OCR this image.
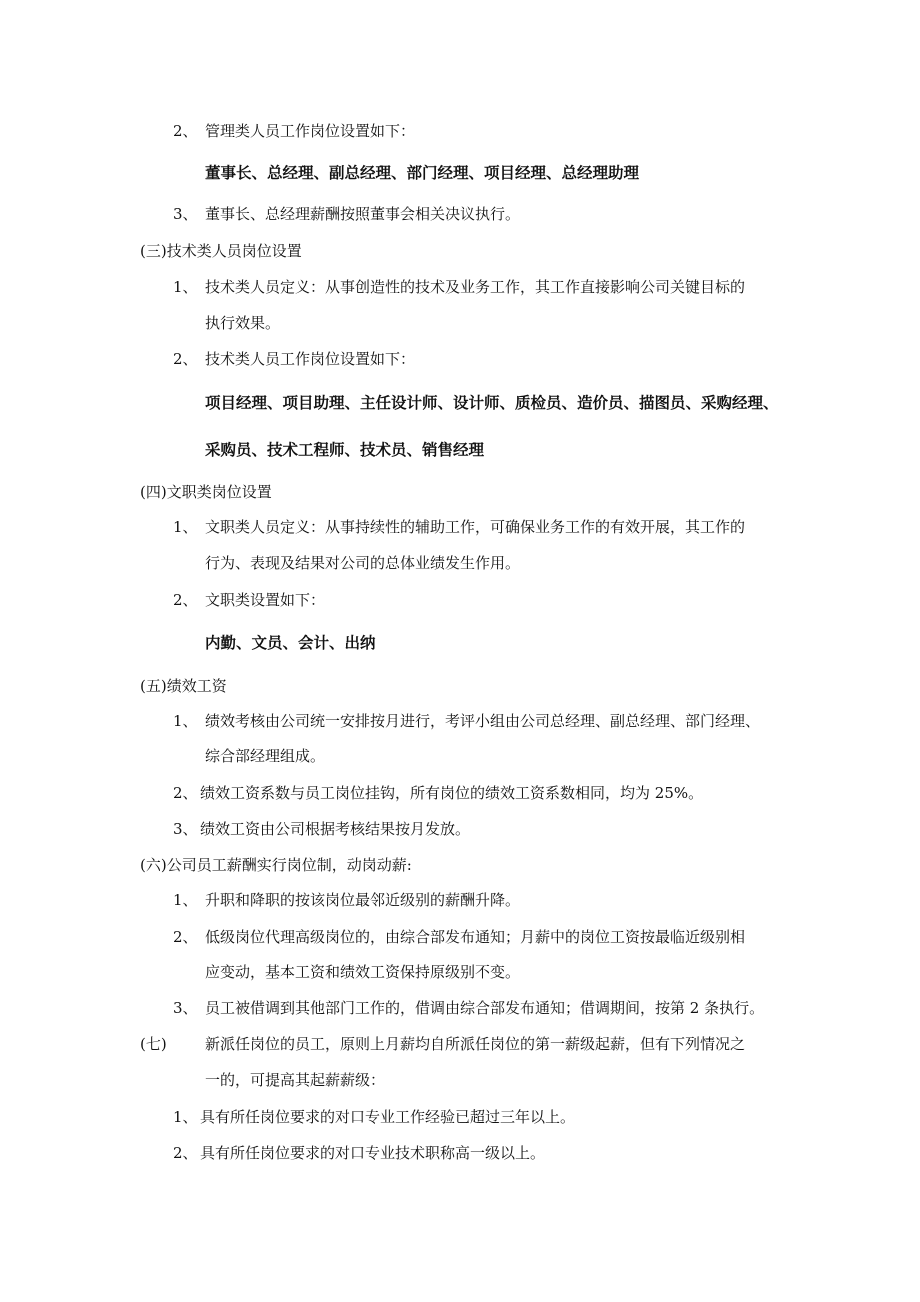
2、 管理类人员工作岗位设置如下：
董事长、总经理、副总经理、部门经理、项目经理、总经理助理
3、 董事长、总经理薪酬按照董事会相关决议执行。
(三)技术类人员岗位设置
1、 技术类人员定义：从事创造性的技术及业务工作，其工作直接影响公司关键目标的
执行效果。
2、 技术类人员工作岗位设置如下：
项目经理、项目助理、主任设计师、设计师、质检员、造价员、描图员、采购经理、
采购员、技术工程师、技术员、销售经理
(四)文职类岗位设置
1、 文职类人员定义：从事持续性的辅助工作，可确保业务工作的有效开展，其工作的
行为、表现及结果对公司的总体业绩发生作用。
2、 文职类设置如下：
内勤、文员、会计、出纳
(五)绩效工资
1、 绩效考核由公司统一安排按月进行，考评小组由公司总经理、副总经理、部门经理、
综合部经理组成。
2、 绩效工资系数与员工岗位挂钩，所有岗位的绩效工资系数相同，均为 25%。
3、 绩效工资由公司根据考核结果按月发放。
(六)公司员工薪酬实行岗位制，动岗动薪:
1、 升职和降职的按该岗位最邻近级别的薪酬升降。
2、 低级岗位代理高级岗位的，由综合部发布通知；月薪中的岗位工资按最临近级别相
应变动，基本工资和绩效工资保持原级别不变。
3、 员工被借调到其他部门工作的，借调由综合部发布通知；借调期间，按第 2 条执行。
(七)	新派任岗位的员工，原则上月薪均自所派任岗位的第一薪级起薪，但有下列情况之
一的，可提高其起薪薪级：
1、 具有所任岗位要求的对口专业工作经验已超过三年以上。
2、 具有所任岗位要求的对口专业技术职称高一级以上。
